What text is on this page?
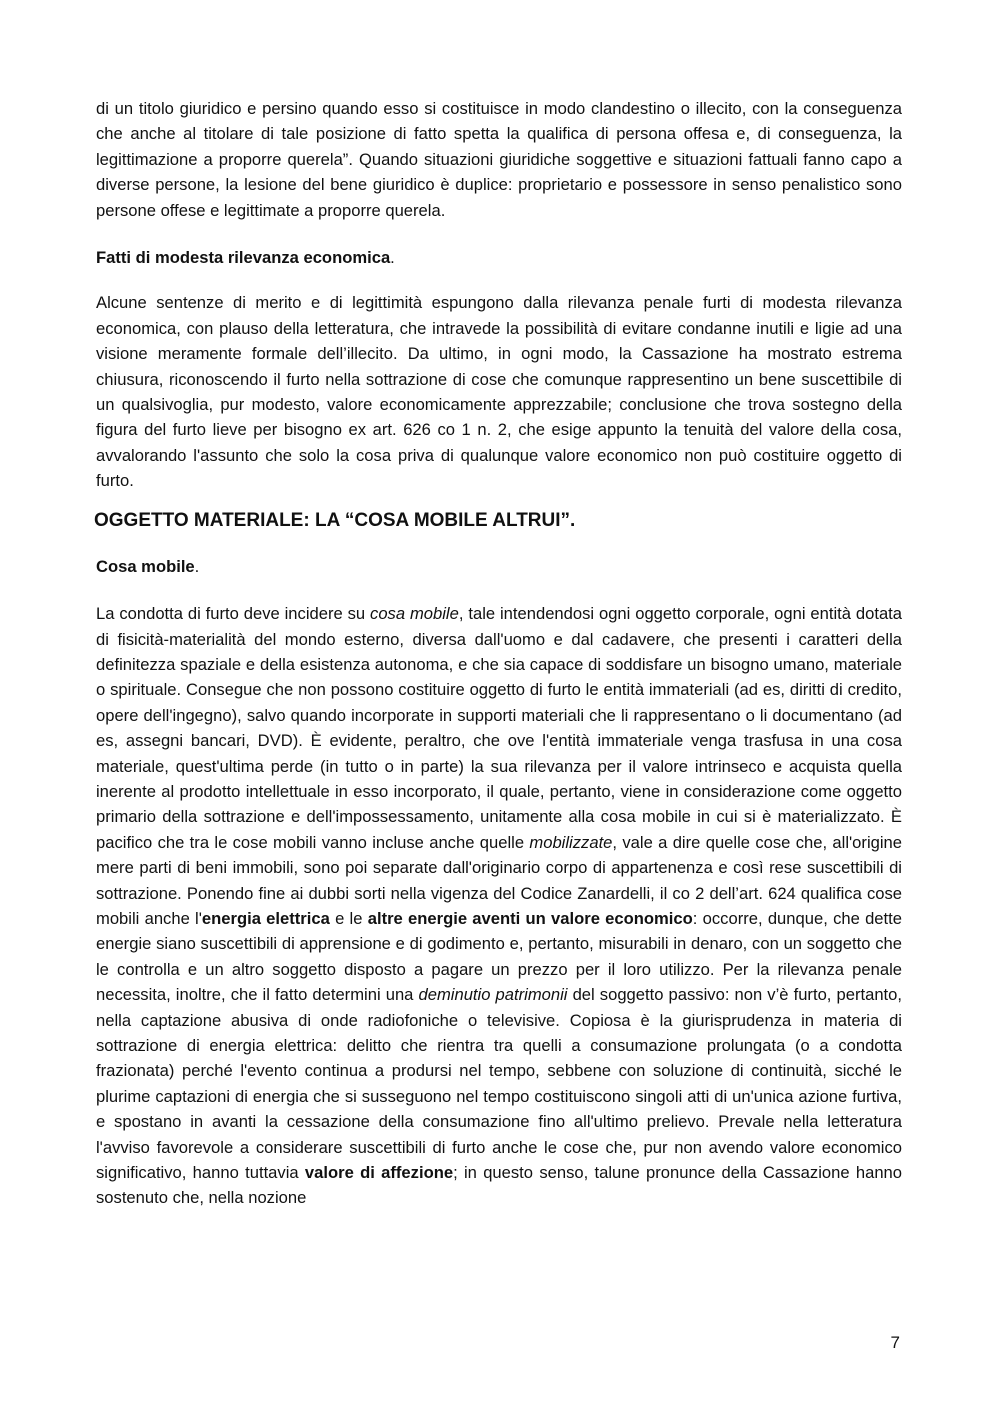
di un titolo giuridico e persino quando esso si costituisce in modo clandestino o illecito, con la conseguenza che anche al titolare di tale posizione di fatto spetta la qualifica di persona offesa e, di conseguenza, la legittimazione a proporre querela”. Quando situazioni giuridiche soggettive e situazioni fattuali fanno capo a diverse persone, la lesione del bene giuridico è duplice: proprietario e possessore in senso penalistico sono persone offese e legittimate a proporre querela.

Fatti di modesta rilevanza economica.

Alcune sentenze di merito e di legittimità espungono dalla rilevanza penale furti di modesta rilevanza economica, con plauso della letteratura, che intravede la possibilità di evitare condanne inutili e ligie ad una visione meramente formale dell’illecito. Da ultimo, in ogni modo, la Cassazione ha mostrato estrema chiusura, riconoscendo il furto nella sottrazione di cose che comunque rappresentino un bene suscettibile di un qualsivoglia, pur modesto, valore economicamente apprezzabile; conclusione che trova sostegno della figura del furto lieve per bisogno ex art. 626 co 1 n. 2, che esige appunto la tenuità del valore della cosa, avvalorando l'assunto che solo la cosa priva di qualunque valore economico non può costituire oggetto di furto.

OGGETTO MATERIALE: LA “COSA MOBILE ALTRUI”.

Cosa mobile.

La condotta di furto deve incidere su cosa mobile, tale intendendosi ogni oggetto corporale, ogni entità dotata di fisicità-materialità del mondo esterno, diversa dall'uomo e dal cadavere, che presenti i caratteri della definitezza spaziale e della esistenza autonoma, e che sia capace di soddisfare un bisogno umano, materiale o spirituale. Consegue che non possono costituire oggetto di furto le entità immateriali (ad es, diritti di credito, opere dell'ingegno), salvo quando incorporate in supporti materiali che li rappresentano o li documentano (ad es, assegni bancari, DVD). È evidente, peraltro, che ove l'entità immateriale venga trasfusa in una cosa materiale, quest'ultima perde (in tutto o in parte) la sua rilevanza per il valore intrinseco e acquista quella inerente al prodotto intellettuale in esso incorporato, il quale, pertanto, viene in considerazione come oggetto primario della sottrazione e dell'impossessamento, unitamente alla cosa mobile in cui si è materializzato. È pacifico che tra le cose mobili vanno incluse anche quelle mobilizzate, vale a dire quelle cose che, all'origine mere parti di beni immobili, sono poi separate dall'originario corpo di appartenenza e così rese suscettibili di sottrazione. Ponendo fine ai dubbi sorti nella vigenza del Codice Zanardelli, il co 2 dell’art. 624 qualifica cose mobili anche l'energia elettrica e le altre energie aventi un valore economico: occorre, dunque, che dette energie siano suscettibili di apprensione e di godimento e, pertanto, misurabili in denaro, con un soggetto che le controlla e un altro soggetto disposto a pagare un prezzo per il loro utilizzo. Per la rilevanza penale necessita, inoltre, che il fatto determini una deminutio patrimonii del soggetto passivo: non v’è furto, pertanto, nella captazione abusiva di onde radiofoniche o televisive. Copiosa è la giurisprudenza in materia di sottrazione di energia elettrica: delitto che rientra tra quelli a consumazione prolungata (o a condotta frazionata) perché l'evento continua a prodursi nel tempo, sebbene con soluzione di continuità, sicché le plurime captazioni di energia che si susseguono nel tempo costituiscono singoli atti di un'unica azione furtiva, e spostano in avanti la cessazione della consumazione fino all'ultimo prelievo. Prevale nella letteratura l'avviso favorevole a considerare suscettibili di furto anche le cose che, pur non avendo valore economico significativo, hanno tuttavia valore di affezione; in questo senso, talune pronunce della Cassazione hanno sostenuto che, nella nozione

7
